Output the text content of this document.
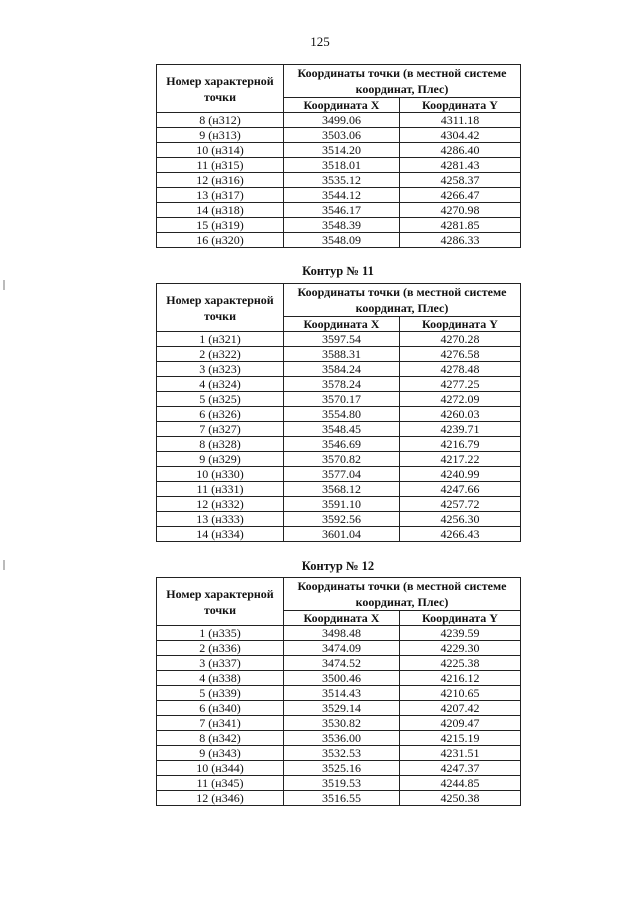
125
Номер характерной точки	Координаты точки (в местной системе координат, Плес)	
	Координата X	Координата Y
8 (н312)	3499.06	4311.18
9 (н313)	3503.06	4304.42
10 (н314)	3514.20	4286.40
11 (н315)	3518.01	4281.43
12 (н316)	3535.12	4258.37
13 (н317)	3544.12	4266.47
14 (н318)	3546.17	4270.98
15 (н319)	3548.39	4281.85
16 (н320)	3548.09	4286.33
Контур № 11
Номер характерной точки	Координаты точки (в местной системе координат, Плес)	
	Координата X	Координата Y
1 (н321)	3597.54	4270.28
2 (н322)	3588.31	4276.58
3 (н323)	3584.24	4278.48
4 (н324)	3578.24	4277.25
5 (н325)	3570.17	4272.09
6 (н326)	3554.80	4260.03
7 (н327)	3548.45	4239.71
8 (н328)	3546.69	4216.79
9 (н329)	3570.82	4217.22
10 (н330)	3577.04	4240.99
11 (н331)	3568.12	4247.66
12 (н332)	3591.10	4257.72
13 (н333)	3592.56	4256.30
14 (н334)	3601.04	4266.43
Контур № 12
Номер характерной точки	Координаты точки (в местной системе координат, Плес)	
	Координата X	Координата Y
1 (н335)	3498.48	4239.59
2 (н336)	3474.09	4229.30
3 (н337)	3474.52	4225.38
4 (н338)	3500.46	4216.12
5 (н339)	3514.43	4210.65
6 (н340)	3529.14	4207.42
7 (н341)	3530.82	4209.47
8 (н342)	3536.00	4215.19
9 (н343)	3532.53	4231.51
10 (н344)	3525.16	4247.37
11 (н345)	3519.53	4244.85
12 (н346)	3516.55	4250.38
